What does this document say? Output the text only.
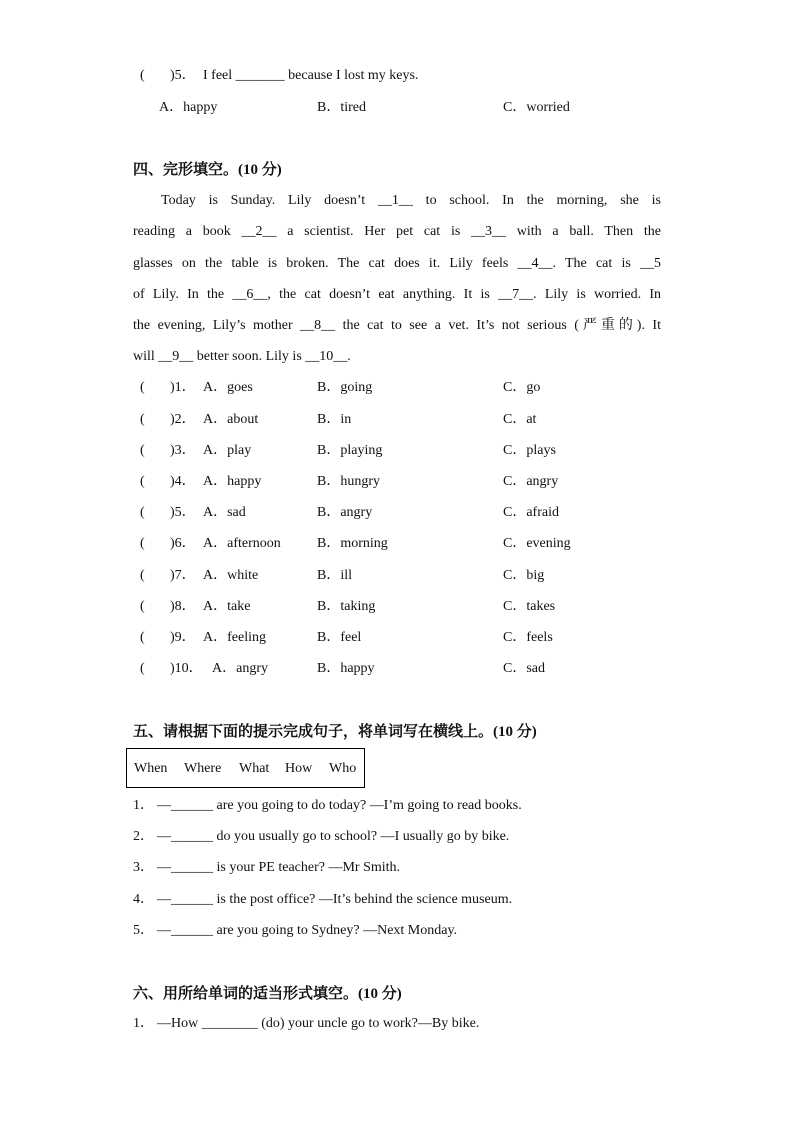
( )5． I feel _______ because I lost my keys.
A．happy	B．tired	C．worried
四、完形填空。(10 分)
Today is Sunday. Lily doesn’t __1__ to school. In the morning, she is
reading a book __2__ a scientist. Her pet cat is __3__ with a ball. Then the
glasses on the table is broken. The cat does it. Lily feels __4__. The cat is __5
of Lily. In the __6__, the cat doesn’t eat anything. It is __7__. Lily is worried. In
the evening, Lily’s mother __8__ the cat to see a vet. It’s not serious (严重的). It
will __9__ better soon. Lily is __10__.
( )1． A．goes	B．going	C．go
( )2． A．about	B．in	C．at
( )3． A．play	B．playing	C．plays
( )4． A．happy	B．hungry	C．angry
( )5． A．sad	B．angry	C．afraid
( )6． A．afternoon	B．morning	C．evening
( )7． A．white	B．ill	C．big
( )8． A．take	B．taking	C．takes
( )9． A．feeling	B．feel	C．feels
( )10． A．angry	B．happy	C．sad
五、请根据下面的提示完成句子，将单词写在横线上。(10 分)
When Where What How Who
1． —______ are you going to do today? —I’m going to read books.
2． —______ do you usually go to school? —I usually go by bike.
3． —______ is your PE teacher? —Mr Smith.
4． —______ is the post office? —It’s behind the science museum.
5． —______ are you going to Sydney? —Next Monday.
六、用所给单词的适当形式填空。(10 分)
1． —How ________ (do) your uncle go to work?—By bike.
